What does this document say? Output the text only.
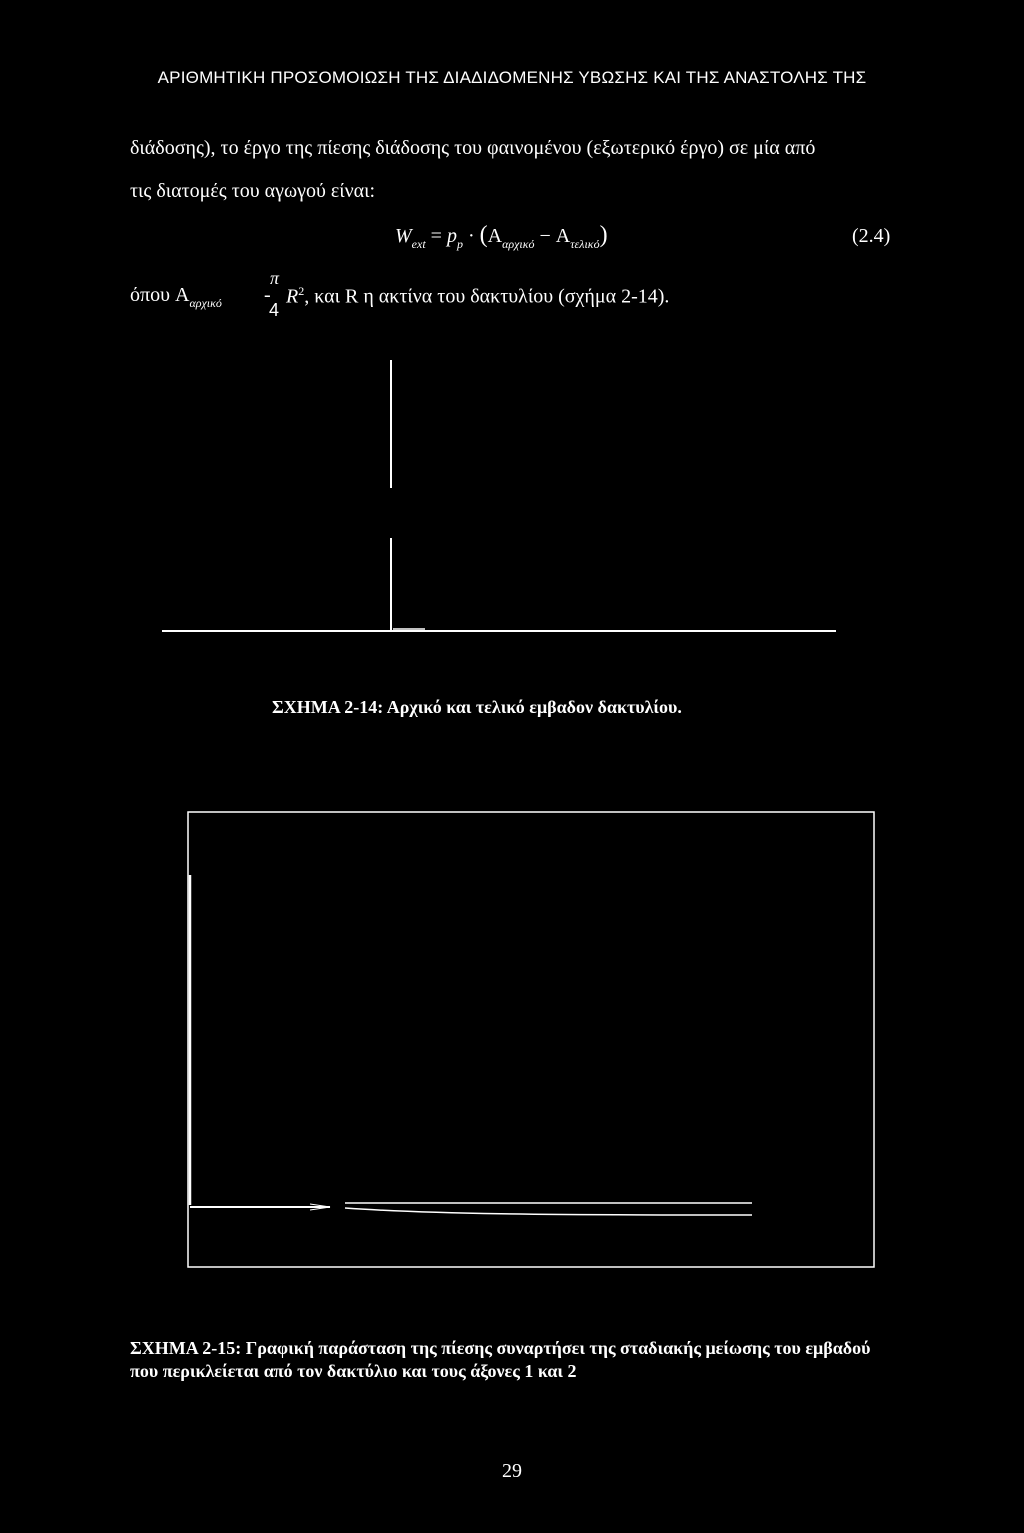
ΑΡΙΘΜΗΤΙΚΗ ΠΡΟΣΟΜΟΙΩΣΗ ΤΗΣ ΔΙΑΔΙΔΟΜΕΝΗΣ ΥΒΩΣΗΣ ΚΑΙ ΤΗΣ ΑΝΑΣΤΟΛΗΣ ΤΗΣ
διάδοσης), το έργο της πίεσης διάδοσης του φαινομένου (εξωτερικό έργο) σε μία από
τις διατομές του αγωγού είναι:
$W_{ext} = p_p \cdot (A_{\alpha\rho\chi\iota\kappa ό} - A_{\tau\varepsilon\lambda\iota\kappa ό})$	(2.4)
όπου $A_{\alpha\rho\chi\iota\kappa ό}$
π
-
4
$R^2$, και R η ακτίνα του δακτυλίου (σχήμα 2-14).
ΣΧΗΜΑ 2-14: Αρχικό και τελικό εμβαδον δακτυλίου.
ΣΧΗΜΑ 2-15: Γραφική παράσταση της πίεσης συναρτήσει της σταδιακής μείωσης του εμβαδού
που περικλείεται από τον δακτύλιο και τους άξονες 1 και 2
29
